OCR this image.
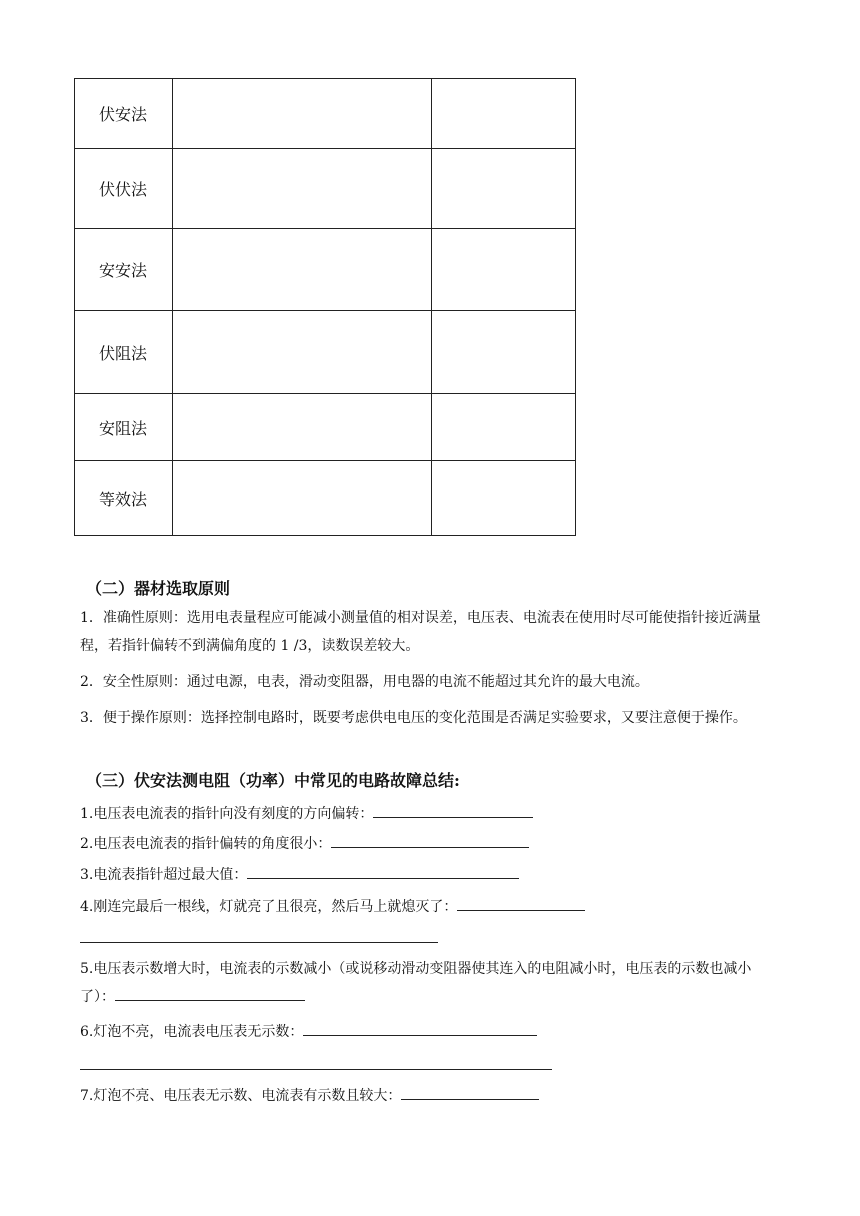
伏安法		
伏伏法		
安安法		
伏阻法		
安阻法		
等效法		
（二）器材选取原则
1．准确性原则：选用电表量程应可能减小测量值的相对误差，电压表、电流表在使用时尽可能使指针接近满量程，若指针偏转不到满偏角度的 1 /3，读数误差较大。
2．安全性原则：通过电源，电表，滑动变阻器，用电器的电流不能超过其允许的最大电流。
3．便于操作原则：选择控制电路时，既要考虑供电电压的变化范围是否满足实验要求，又要注意便于操作。
（三）伏安法测电阻（功率）中常见的电路故障总结:
1.电压表电流表的指针向没有刻度的方向偏转：
2.电压表电流表的指针偏转的角度很小：
3.电流表指针超过最大值：
4.刚连完最后一根线，灯就亮了且很亮，然后马上就熄灭了：
5.电压表示数增大时，电流表的示数减小（或说移动滑动变阻器使其连入的电阻减小时，电压表的示数也减小了）：
6.灯泡不亮，电流表电压表无示数：
7.灯泡不亮、电压表无示数、电流表有示数且较大：
